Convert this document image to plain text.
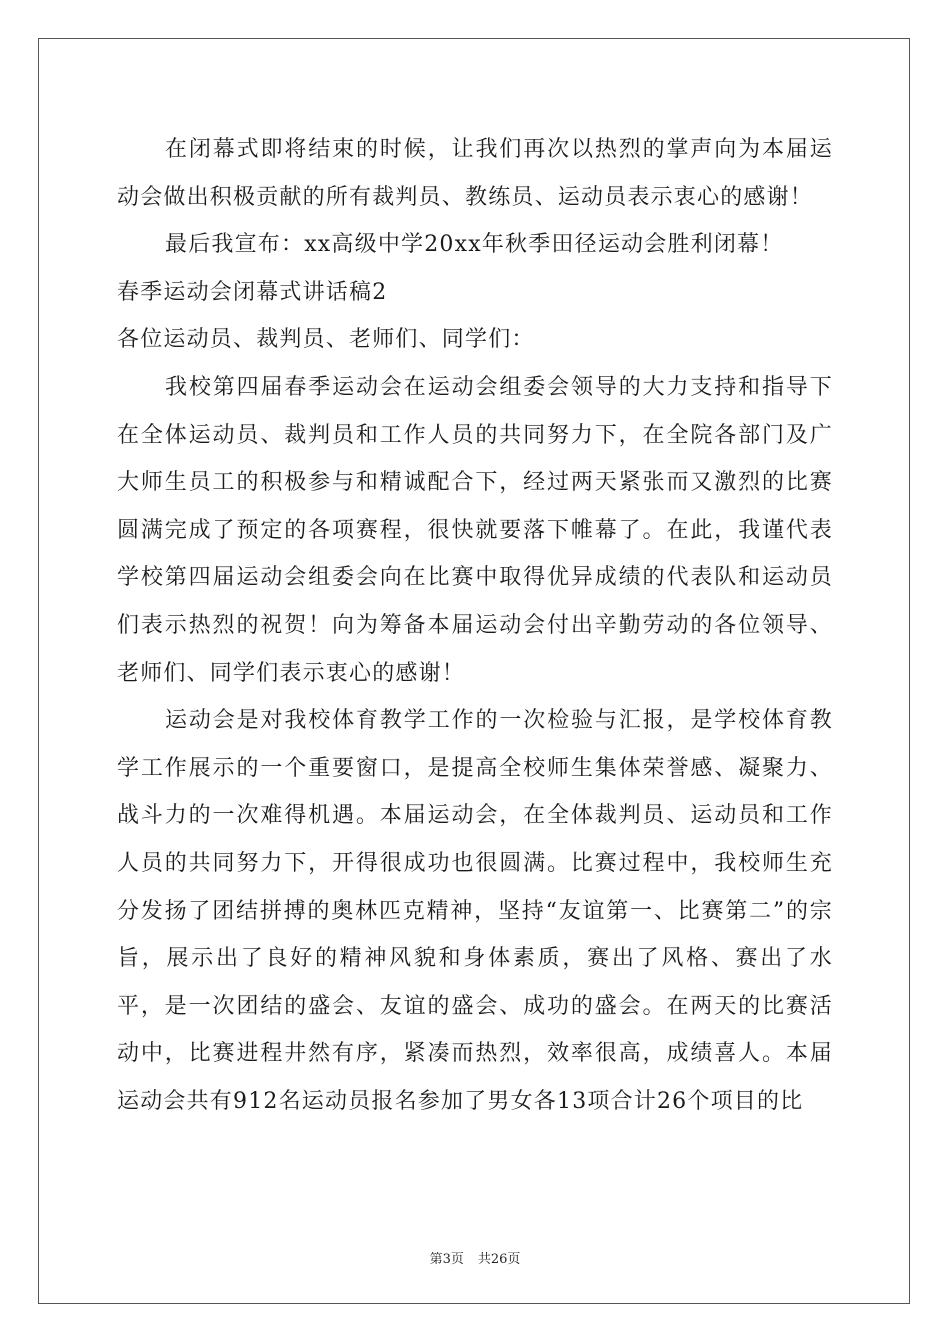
在闭幕式即将结束的时候，让我们再次以热烈的掌声向为本届运动会做出积极贡献的所有裁判员、教练员、运动员表示衷心的感谢！

最后我宣布：xx高级中学20xx年秋季田径运动会胜利闭幕！

春季运动会闭幕式讲话稿2

各位运动员、裁判员、老师们、同学们：

我校第四届春季运动会在运动会组委会领导的大力支持和指导下在全体运动员、裁判员和工作人员的共同努力下，在全院各部门及广大师生员工的积极参与和精诚配合下，经过两天紧张而又激烈的比赛圆满完成了预定的各项赛程，很快就要落下帷幕了。在此，我谨代表学校第四届运动会组委会向在比赛中取得优异成绩的代表队和运动员们表示热烈的祝贺！向为筹备本届运动会付出辛勤劳动的各位领导、老师们、同学们表示衷心的感谢！

运动会是对我校体育教学工作的一次检验与汇报，是学校体育教学工作展示的一个重要窗口，是提高全校师生集体荣誉感、凝聚力、战斗力的一次难得机遇。本届运动会，在全体裁判员、运动员和工作人员的共同努力下，开得很成功也很圆满。比赛过程中，我校师生充分发扬了团结拼搏的奥林匹克精神，坚持“友谊第一、比赛第二”的宗旨，展示出了良好的精神风貌和身体素质，赛出了风格、赛出了水平，是一次团结的盛会、友谊的盛会、成功的盛会。在两天的比赛活动中，比赛进程井然有序，紧凑而热烈，效率很高，成绩喜人。本届运动会共有912名运动员报名参加了男女各13项合计26个项目的比

第3页 共26页
